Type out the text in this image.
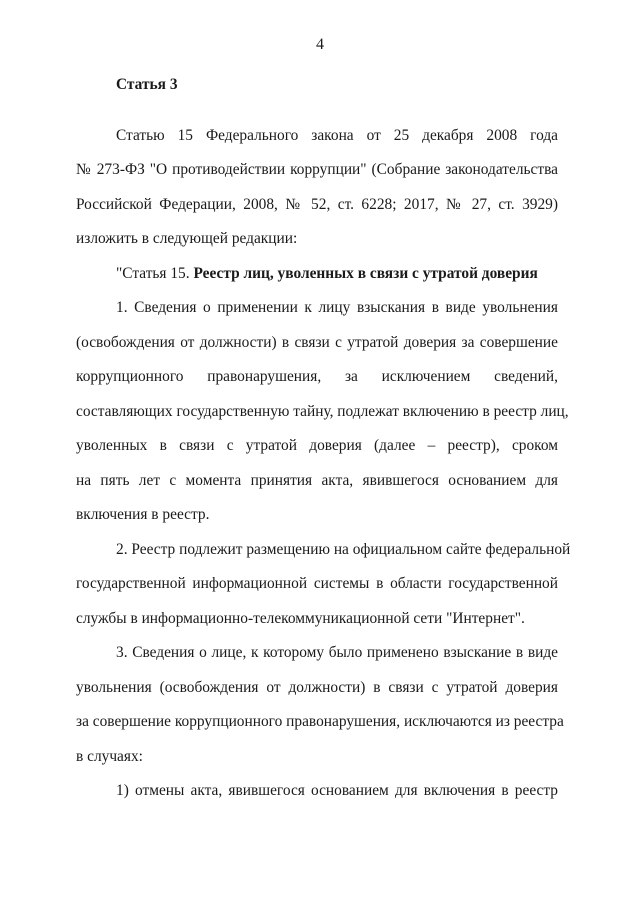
4
Статья 3
Статью 15 Федерального закона от 25 декабря 2008 года
№ 273-ФЗ "О противодействии коррупции" (Собрание законодательства
Российской Федерации, 2008, № 52, ст. 6228; 2017, № 27, ст. 3929)
изложить в следующей редакции:
"Статья 15. Реестр лиц, уволенных в связи с утратой доверия
1. Сведения о применении к лицу взыскания в виде увольнения
(освобождения от должности) в связи с утратой доверия за совершение
коррупционного правонарушения, за исключением сведений,
составляющих государственную тайну, подлежат включению в реестр лиц,
уволенных в связи с утратой доверия (далее – реестр), сроком
на пять лет с момента принятия акта, явившегося основанием для
включения в реестр.
2. Реестр подлежит размещению на официальном сайте федеральной
государственной информационной системы в области государственной
службы в информационно-телекоммуникационной сети "Интернет".
3. Сведения о лице, к которому было применено взыскание в виде
увольнения (освобождения от должности) в связи с утратой доверия
за совершение коррупционного правонарушения, исключаются из реестра
в случаях:
1) отмены акта, явившегося основанием для включения в реестр
